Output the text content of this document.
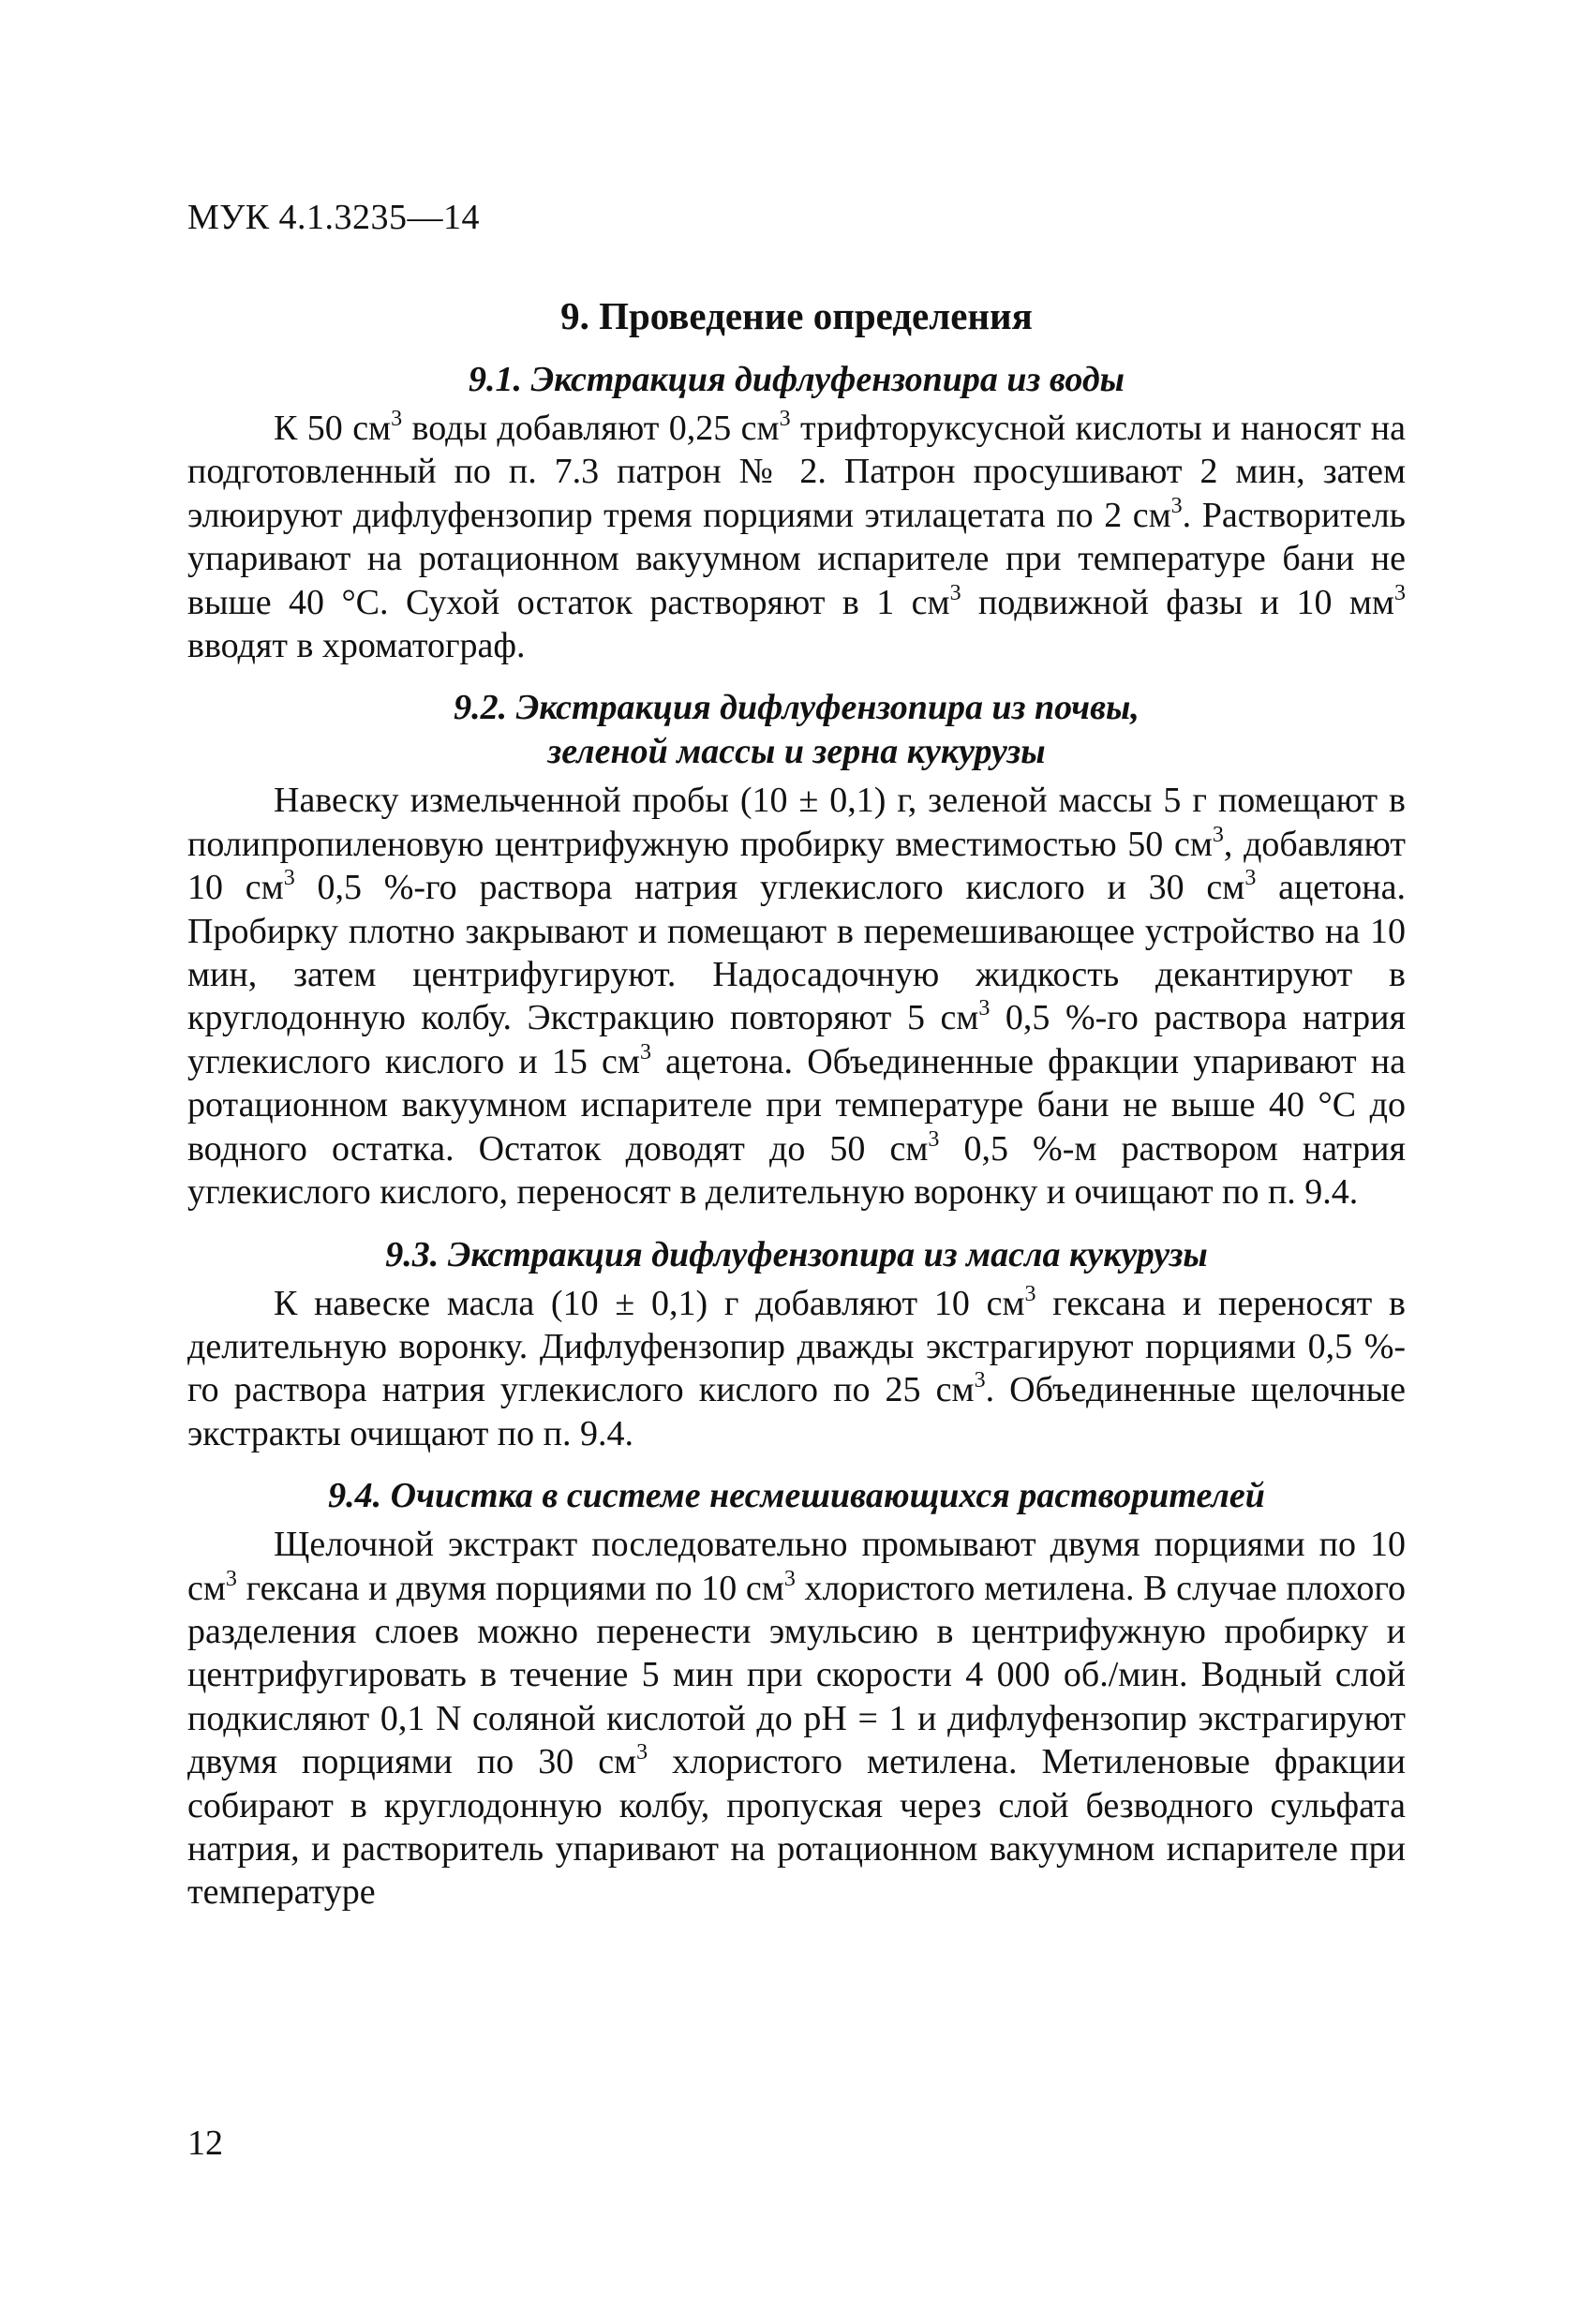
МУК 4.1.3235—14
9. Проведение определения
9.1. Экстракция дифлуфензопира из воды

К 50 $см^3$ воды добавляют 0,25 $см^3$ трифторуксусной кислоты и наносят на подготовленный по п. 7.3 патрон № 2. Патрон просушивают 2 мин, затем элюируют дифлуфензопир тремя порциями этилацетата по 2 $см^3$. Растворитель упаривают на ротационном вакуумном испарителе при температуре бани не выше 40 °С. Сухой остаток растворяют в 1 $см^3$ подвижной фазы и 10 $мм^3$ вводят в хроматограф.

9.2. Экстракция дифлуфензопира из почвы,
зеленой массы и зерна кукурузы

Навеску измельченной пробы (10 ± 0,1) г, зеленой массы 5 г помещают в полипропиленовую центрифужную пробирку вместимостью 50 $см^3$, добавляют 10 $см^3$ 0,5 %-го раствора натрия углекислого кислого и 30 $см^3$ ацетона. Пробирку плотно закрывают и помещают в перемешивающее устройство на 10 мин, затем центрифугируют. Надосадочную жидкость декантируют в круглодонную колбу. Экстракцию повторяют 5 $см^3$ 0,5 %-го раствора натрия углекислого кислого и 15 $см^3$ ацетона. Объединенные фракции упаривают на ротационном вакуумном испарителе при температуре бани не выше 40 °С до водного остатка. Остаток доводят до 50 $см^3$ 0,5 %-м раствором натрия углекислого кислого, переносят в делительную воронку и очищают по п. 9.4.

9.3. Экстракция дифлуфензопира из масла кукурузы

К навеске масла (10 ± 0,1) г добавляют 10 $см^3$ гексана и переносят в делительную воронку. Дифлуфензопир дважды экстрагируют порциями 0,5 %-го раствора натрия углекислого кислого по 25 $см^3$. Объединенные щелочные экстракты очищают по п. 9.4.

9.4. Очистка в системе несмешивающихся растворителей

Щелочной экстракт последовательно промывают двумя порциями по 10 $см^3$ гексана и двумя порциями по 10 $см^3$ хлористого метилена. В случае плохого разделения слоев можно перенести эмульсию в центрифужную пробирку и центрифугировать в течение 5 мин при скорости 4 000 об./мин. Водный слой подкисляют 0,1 N соляной кислотой до pH = 1 и дифлуфензопир экстрагируют двумя порциями по 30 $см^3$ хлористого метилена. Метиленовые фракции собирают в круглодонную колбу, пропуская через слой безводного сульфата натрия, и растворитель упаривают на ротационном вакуумном испарителе при температуре

12
